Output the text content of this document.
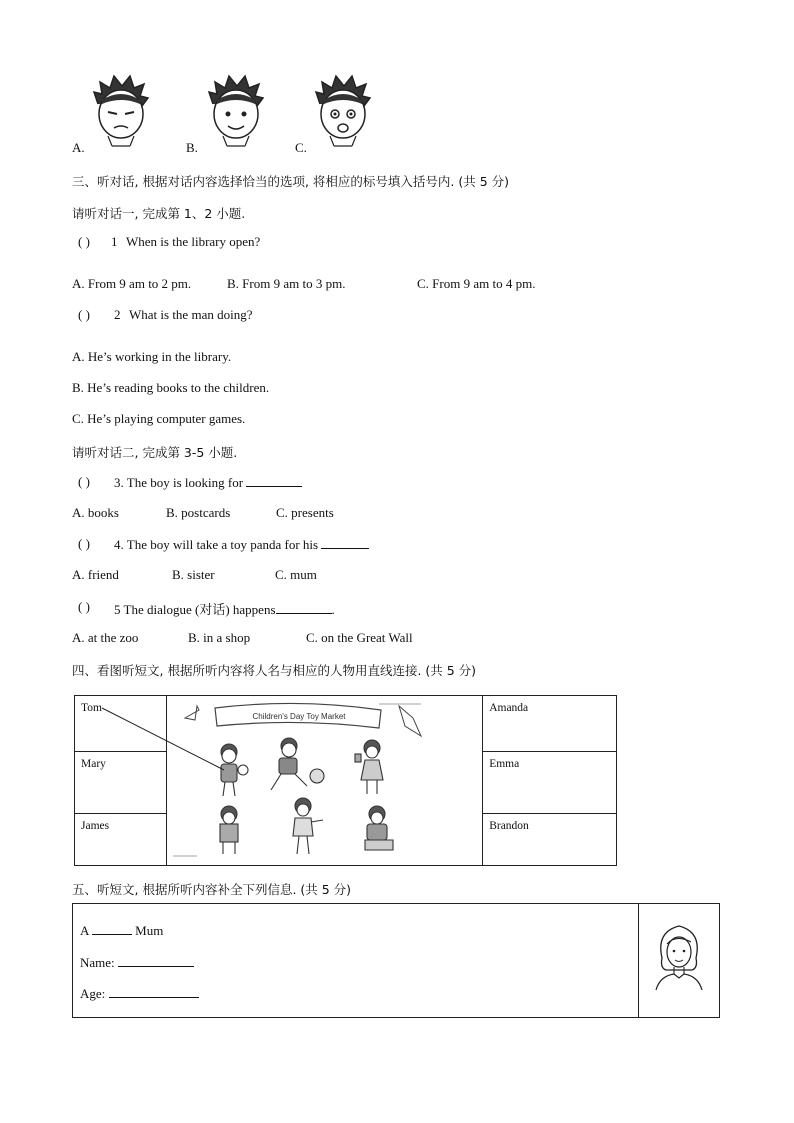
A.	B.	C.
三、听对话, 根据对话内容选择恰当的选项, 将相应的标号填入括号内. (共 5 分)
请听对话一, 完成第 1、2 小题.
( ) 1 When is the library open?
A. From 9 am to 2 pm.	B. From 9 am to 3 pm.	C. From 9 am to 4 pm.
( ) 2 What is the man doing?
A. He’s working in the library.
B. He’s reading books to the children.
C. He’s playing computer games.
请听对话二, 完成第 3-5 小题.
( ) 3. The boy is looking for
A. books	B. postcards	C. presents
( ) 4. The boy will take a toy panda for his
A. friend	B. sister	C. mum
( ) 5 The dialogue (对话) happens	.
A. at the zoo	B. in a shop	C. on the Great Wall
四、看图听短文, 根据所听内容将人名与相应的人物用直线连接. (共 5 分)
Tom		Amanda

Mary		Emma

James		Brandon
Children's Day Toy Market
五、听短文, 根据所听内容补全下列信息. (共 5 分)
A	Mum
Name:
Age:
